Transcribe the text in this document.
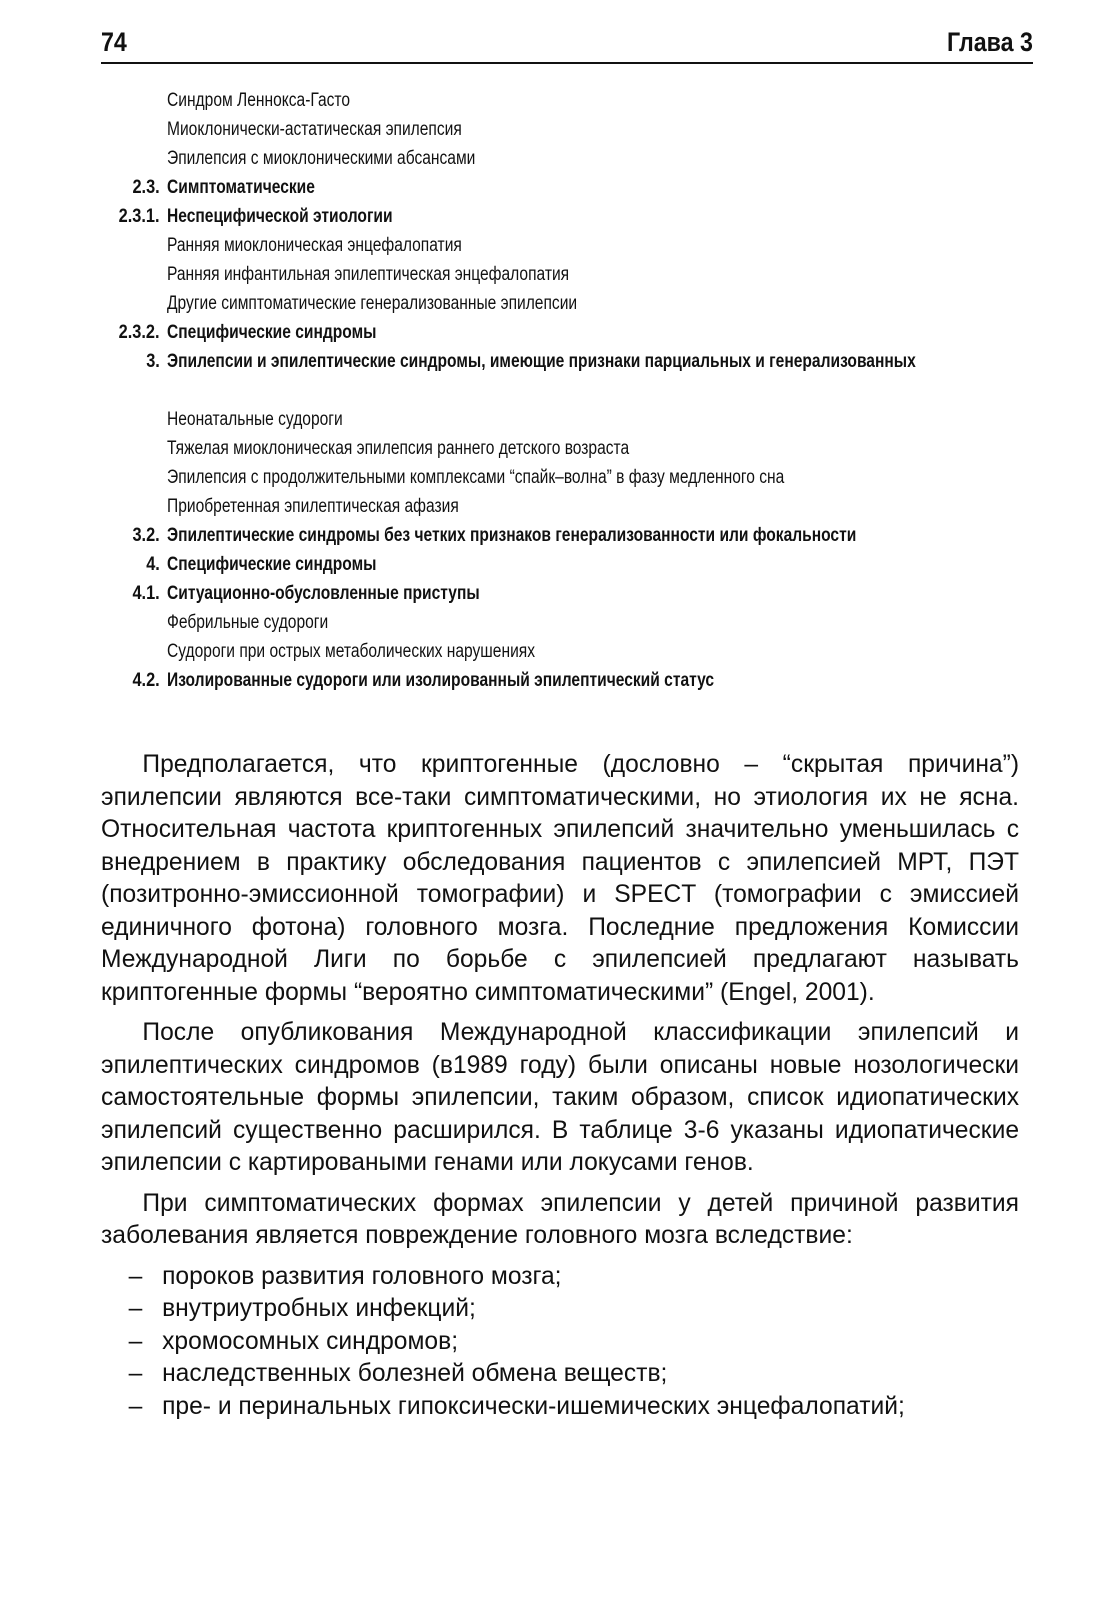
74	Глава 3
Синдром Леннокса-Гасто
Миоклонически-астатическая эпилепсия
Эпилепсия с миоклоническими абсансами
2.3. Симптоматические
2.3.1. Неспецифической этиологии
Ранняя миоклоническая энцефалопатия
Ранняя инфантильная эпилептическая энцефалопатия
Другие симптоматические генерализованные эпилепсии
2.3.2. Специфические синдромы
3. Эпилепсии и эпилептические синдромы, имеющие признаки парциальных и генерализованных
Неонатальные судороги
Тяжелая миоклоническая эпилепсия раннего детского возраста
Эпилепсия с продолжительными комплексами “спайк–волна” в фазу медленного сна
Приобретенная эпилептическая афазия
3.2. Эпилептические синдромы без четких признаков генерализованности или фокальности
4. Специфические синдромы
4.1. Ситуационно-обусловленные приступы
Фебрильные судороги
Судороги при острых метаболических нарушениях
4.2. Изолированные судороги или изолированный эпилептический статус

Предполагается, что криптогенные (дословно – “скрытая причина”) эпилепсии являются все-таки симптоматическими, но этиология их не ясна. Относительная частота криптогенных эпилепсий значительно уменьшилась с внедрением в практику обследования пациентов с эпилепсией МРТ, ПЭТ (позитронно-эмиссионной томографии) и SPECT (томографии с эмиссией единичного фотона) головного мозга. Последние предложения Комиссии Международной Лиги по борьбе с эпилепсией предлагают называть криптогенные формы “вероятно симптоматическими” (Engel, 2001).

После опубликования Международной классификации эпилепсий и эпилептических синдромов (в1989 году) были описаны новые нозологически самостоятельные формы эпилепсии, таким образом, список идиопатических эпилепсий существенно расширился. В таблице 3-6 указаны идиопатические эпилепсии с картироваными генами или локусами генов.

При симптоматических формах эпилепсии у детей причиной развития заболевания является повреждение головного мозга вследствие:

– пороков развития головного мозга;
– внутриутробных инфекций;
– хромосомных синдромов;
– наследственных болезней обмена веществ;
– пре- и перинальных гипоксически-ишемических энцефалопатий;
